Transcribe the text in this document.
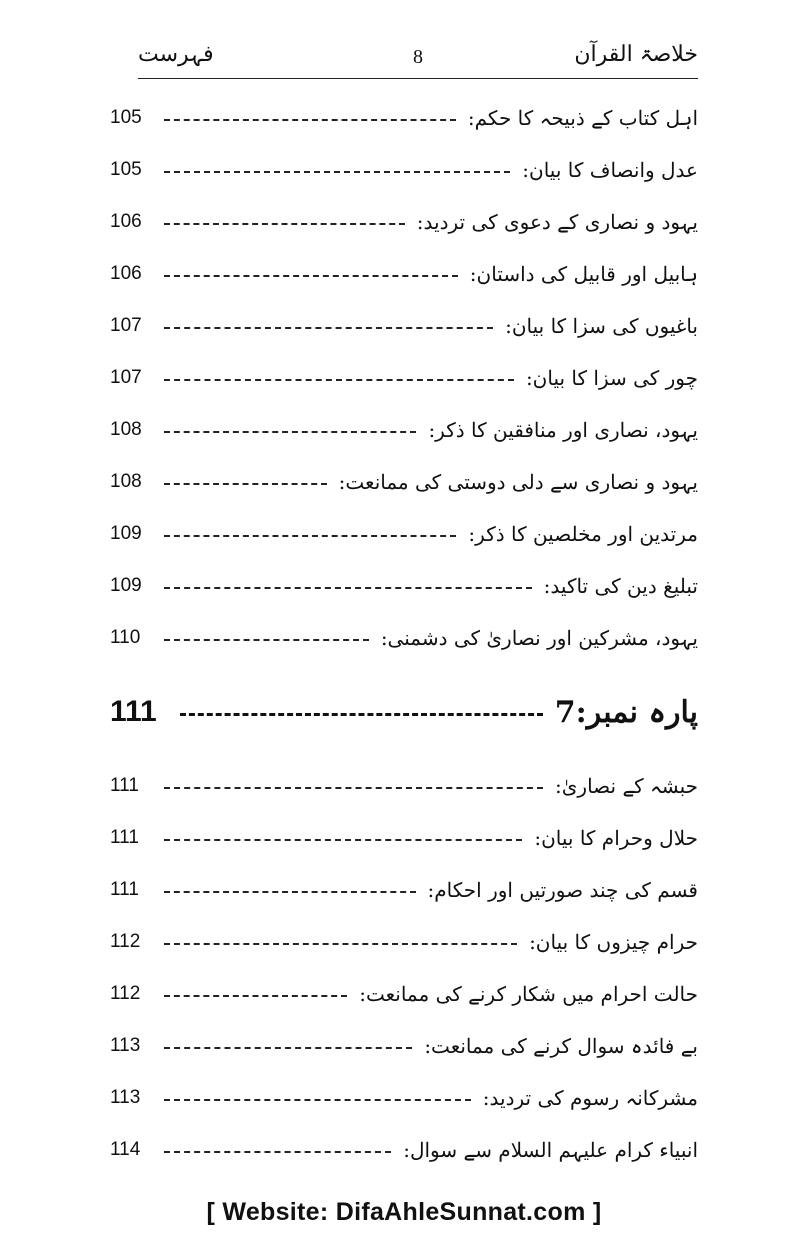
خلاصۃ القرآن
8
فہرست
اہل کتاب کے ذبیحہ کا حکم:
105
عدل وانصاف کا بیان:
105
یہود و نصاری کے دعوی کی تردید:
106
ہابیل اور قابیل کی داستان:
106
باغیوں کی سزا کا بیان:
107
چور کی سزا کا بیان:
107
یہود، نصاری اور منافقین کا ذکر:
108
یہود و نصاری سے دلی دوستی کی ممانعت:
108
مرتدین اور مخلصین کا ذکر:
109
تبلیغ دین کی تاکید:
109
یہود، مشرکین اور نصاریٰ کی دشمنی:
110
پارہ نمبر:7
111
حبشہ کے نصاریٰ:
111
حلال وحرام کا بیان:
111
قسم کی چند صورتیں اور احکام:
111
حرام چیزوں کا بیان:
112
حالت احرام میں شکار کرنے کی ممانعت:
112
بے فائدہ سوال کرنے کی ممانعت:
113
مشرکانہ رسوم کی تردید:
113
انبیاء کرام علیہم السلام سے سوال:
114
[ Website: DifaAhleSunnat.com ]
